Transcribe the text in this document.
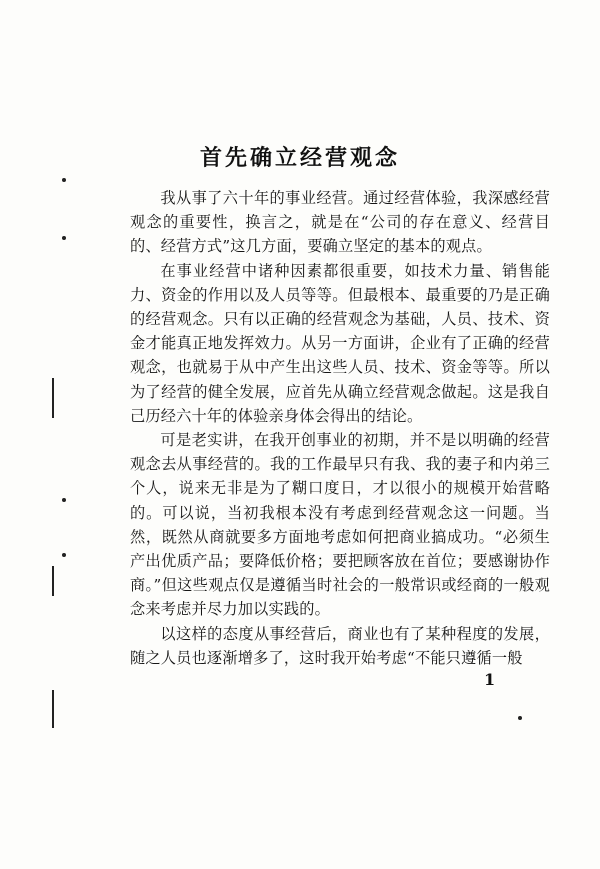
首先确立经营观念

我从事了六十年的事业经营。通过经营体验，我深感经营观念的重要性，换言之，就是在“公司的存在意义、经营目的、经营方式”这几方面，要确立坚定的基本的观点。

在事业经营中诸种因素都很重要，如技术力量、销售能力、资金的作用以及人员等等。但最根本、最重要的乃是正确的经营观念。只有以正确的经营观念为基础，人员、技术、资金才能真正地发挥效力。从另一方面讲，企业有了正确的经营观念，也就易于从中产生出这些人员、技术、资金等等。所以为了经营的健全发展，应首先从确立经营观念做起。这是我自己历经六十年的体验亲身体会得出的结论。

可是老实讲，在我开创事业的初期，并不是以明确的经营观念去从事经营的。我的工作最早只有我、我的妻子和内弟三个人，说来无非是为了糊口度日，才以很小的规模开始营略的。可以说，当初我根本没有考虑到经营观念这一问题。当然，既然从商就要多方面地考虑如何把商业搞成功。“必须生产出优质产品；要降低价格；要把顾客放在首位；要感谢协作商。”但这些观点仅是遵循当时社会的一般常识或经商的一般观念来考虑并尽力加以实践的。

以这样的态度从事经营后，商业也有了某种程度的发展，随之人员也逐渐增多了，这时我开始考虑“不能只遵循一般

1
